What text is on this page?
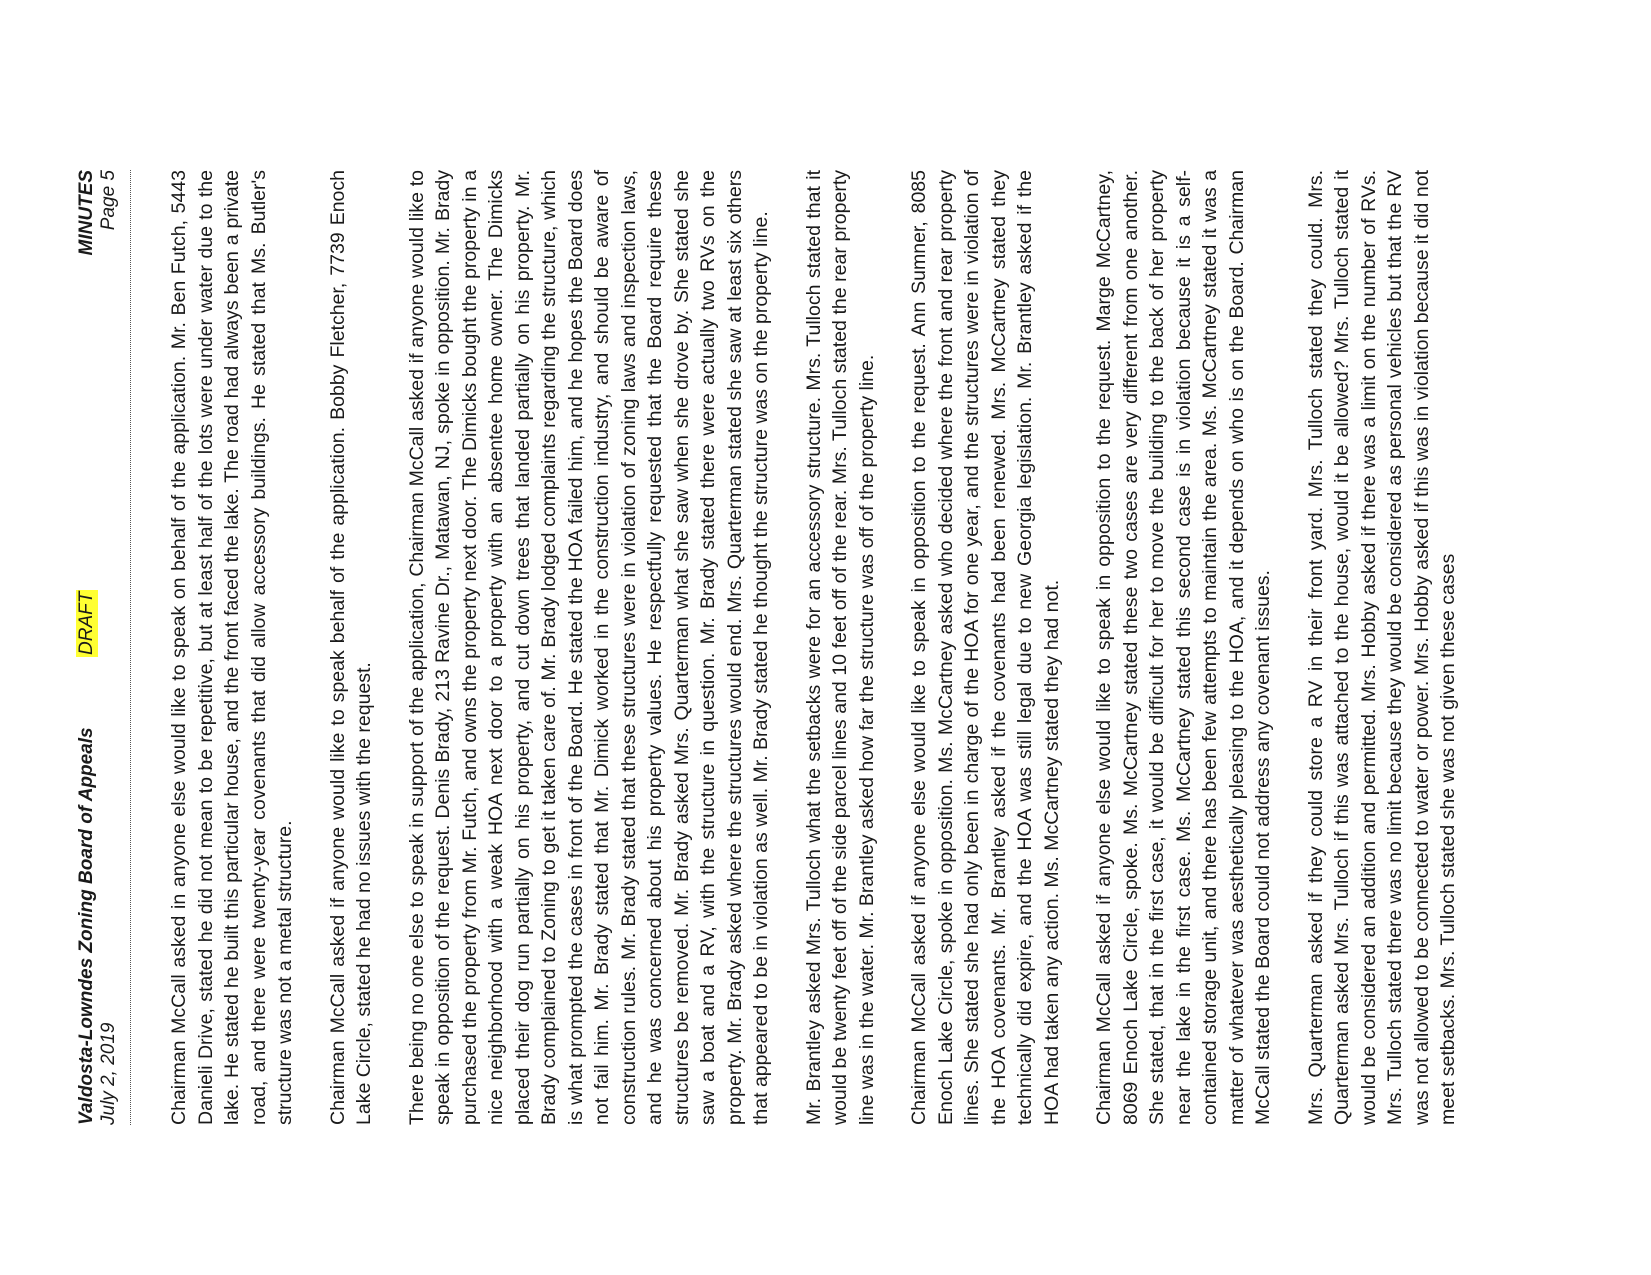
Valdosta-Lowndes Zoning Board of Appeals July 2, 2019
DRAFT
MINUTES Page 5	Chairman McCall asked in anyone else would like to speak on behalf of the application. Mr. Ben Futch, 5443 Danieli Drive, stated he did not mean to be repetitive, but at least half of the lots were under water due to the lake. He stated he built this particular house, and the front faced the lake. The road had always been a private road, and there were twenty-year covenants that did allow accessory buildings. He stated that Ms. Butler's structure was not a metal structure. Chairman McCall asked if anyone would like to speak behalf of the application. Bobby Fletcher, 7739 Enoch Lake Circle, stated he had no issues with the request. There being no one else to speak in support of the application, Chairman McCall asked if anyone would like to speak in opposition of the request. Denis Brady, 213 Ravine Dr., Matawan, NJ, spoke in opposition. Mr. Brady purchased the property from Mr. Futch, and owns the property next door. The Dimicks bought the property in a nice neighborhood with a weak HOA next door to a property with an absentee home owner. The Dimicks placed their dog run partially on his property, and cut down trees that landed partially on his property. Mr. Brady complained to Zoning to get it taken care of. Mr. Brady lodged complaints regarding the structure, which is what prompted the cases in front of the Board. He stated the HOA failed him, and he hopes the Board does not fail him. Mr. Brady stated that Mr. Dimick worked in the construction industry, and should be aware of construction rules. Mr. Brady stated that these structures were in violation of zoning laws and inspection laws, and he was concerned about his property values. He respectfully requested that the Board require these structures be removed. Mr. Brady asked Mrs. Quarterman what she saw when she drove by. She stated she saw a boat and a RV, with the structure in question. Mr. Brady stated there were actually two RVs on the property. Mr. Brady asked where the structures would end. Mrs. Quarterman stated she saw at least six others that appeared to be in violation as well. Mr. Brady stated he thought the structure was on the property line. Mr. Brantley asked Mrs. Tulloch what the setbacks were for an accessory structure. Mrs. Tulloch stated that it would be twenty feet off of the side parcel lines and 10 feet off of the rear. Mrs. Tulloch stated the rear property line was in the water. Mr. Brantley asked how far the structure was off of the property line. Chairman McCall asked if anyone else would like to speak in opposition to the request. Ann Sumner, 8085 Enoch Lake Circle, spoke in opposition. Ms. McCartney asked who decided where the front and rear property lines. She stated she had only been in charge of the HOA for one year, and the structures were in violation of the HOA covenants. Mr. Brantley asked if the covenants had been renewed. Mrs. McCartney stated they technically did expire, and the HOA was still legal due to new Georgia legislation. Mr. Brantley asked if the HOA had taken any action. Ms. McCartney stated they had not. Chairman McCall asked if anyone else would like to speak in opposition to the request. Marge McCartney, 8069 Enoch Lake Circle, spoke. Ms. McCartney stated these two cases are very different from one another. She stated, that in the first case, it would be difficult for her to move the building to the back of her property near the lake in the first case. Ms. McCartney stated this second case is in violation because it is a self-contained storage unit, and there has been few attempts to maintain the area. Ms. McCartney stated it was a matter of whatever was aesthetically pleasing to the HOA, and it depends on who is on the Board. Chairman McCall stated the Board could not address any covenant issues. Mrs. Quarterman asked if they could store a RV in their front yard. Mrs. Tulloch stated they could. Mrs. Quarterman asked Mrs. Tulloch if this was attached to the house, would it be allowed? Mrs. Tulloch stated it would be considered an addition and permitted. Mrs. Hobby asked if there was a limit on the number of RVs. Mrs. Tulloch stated there was no limit because they would be considered as personal vehicles but that the RV was not allowed to be connected to water or power. Mrs. Hobby asked if this was in violation because it did not meet setbacks. Mrs. Tulloch stated she was not given these cases
